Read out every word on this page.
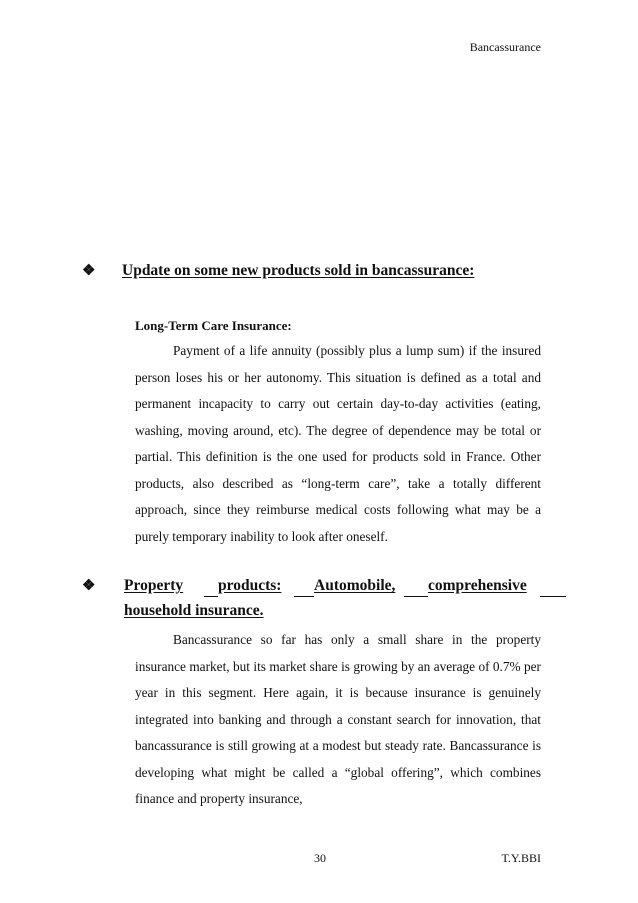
Bancassurance
❖ Update on some new products sold in bancassurance:
Long-Term Care Insurance:

Payment of a life annuity (possibly plus a lump sum) if the insured person loses his or her autonomy. This situation is defined as a total and permanent incapacity to carry out certain day-to-day activities (eating, washing, moving around, etc). The degree of dependence may be total or partial. This definition is the one used for products sold in France. Other products, also described as “long-term care”, take a totally different approach, since they reimburse medical costs following what may be a purely temporary inability to look after oneself.

❖	Property products: Automobile, comprehensive
household insurance.

Bancassurance so far has only a small share in the property insurance market, but its market share is growing by an average of 0.7% per year in this segment. Here again, it is because insurance is genuinely integrated into banking and through a constant search for innovation, that bancassurance is still growing at a modest but steady rate. Bancassurance is developing what might be called a “global offering”, which combines finance and property insurance,

30	T.Y.BBI
